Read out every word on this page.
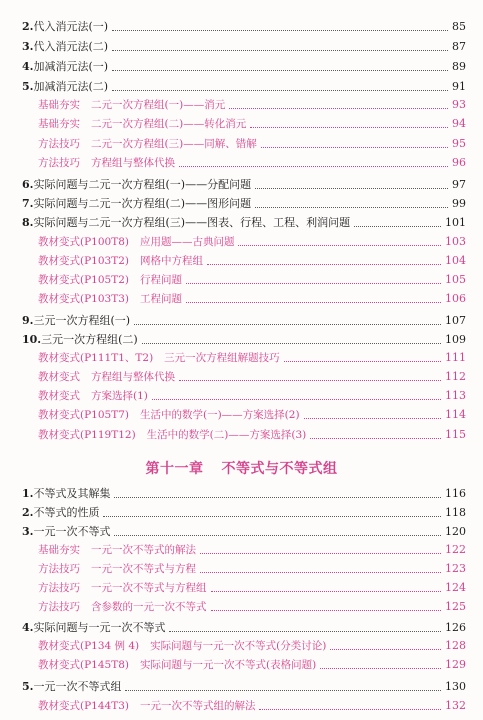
第十一章 不等式与不等式组
2. 代入消元法(一)	85
3. 代入消元法(二)	87
4. 加减消元法(一)	89
5. 加减消元法(二)	91
基础夯实 二元一次方程组(一)——消元	93
基础夯实 二元一次方程组(二)——转化消元	94
方法技巧 二元一次方程组(三)——同解、错解	95
方法技巧 方程组与整体代换	96
6. 实际问题与二元一次方程组(一)——分配问题	97
7. 实际问题与二元一次方程组(二)——图形问题	99
8. 实际问题与二元一次方程组(三)——图表、行程、工程、利润问题	101
教材变式(P100T8) 应用题——古典问题	103
教材变式(P103T2) 网格中方程组	104
教材变式(P105T2) 行程问题	105
教材变式(P103T3) 工程问题	106
9. 三元一次方程组(一)	107
10. 三元一次方程组(二)	109
教材变式(P111T1、T2) 三元一次方程组解题技巧	111
教材变式 方程组与整体代换	112
教材变式 方案选择(1)	113
教材变式(P105T7) 生活中的数学(一)——方案选择(2)	114
教材变式(P119T12) 生活中的数学(二)——方案选择(3)	115
1. 不等式及其解集	116
2. 不等式的性质	118
3. 一元一次不等式	120
基础夯实 一元一次不等式的解法	122
方法技巧 一元一次不等式与方程	123
方法技巧 一元一次不等式与方程组	124
方法技巧 含参数的一元一次不等式	125
4. 实际问题与一元一次不等式	126
教材变式(P134 例 4) 实际问题与一元一次不等式(分类讨论)	128
教材变式(P145T8) 实际问题与一元一次不等式(表格问题)	129
5. 一元一次不等式组	130
教材变式(P144T3) 一元一次不等式组的解法	132
